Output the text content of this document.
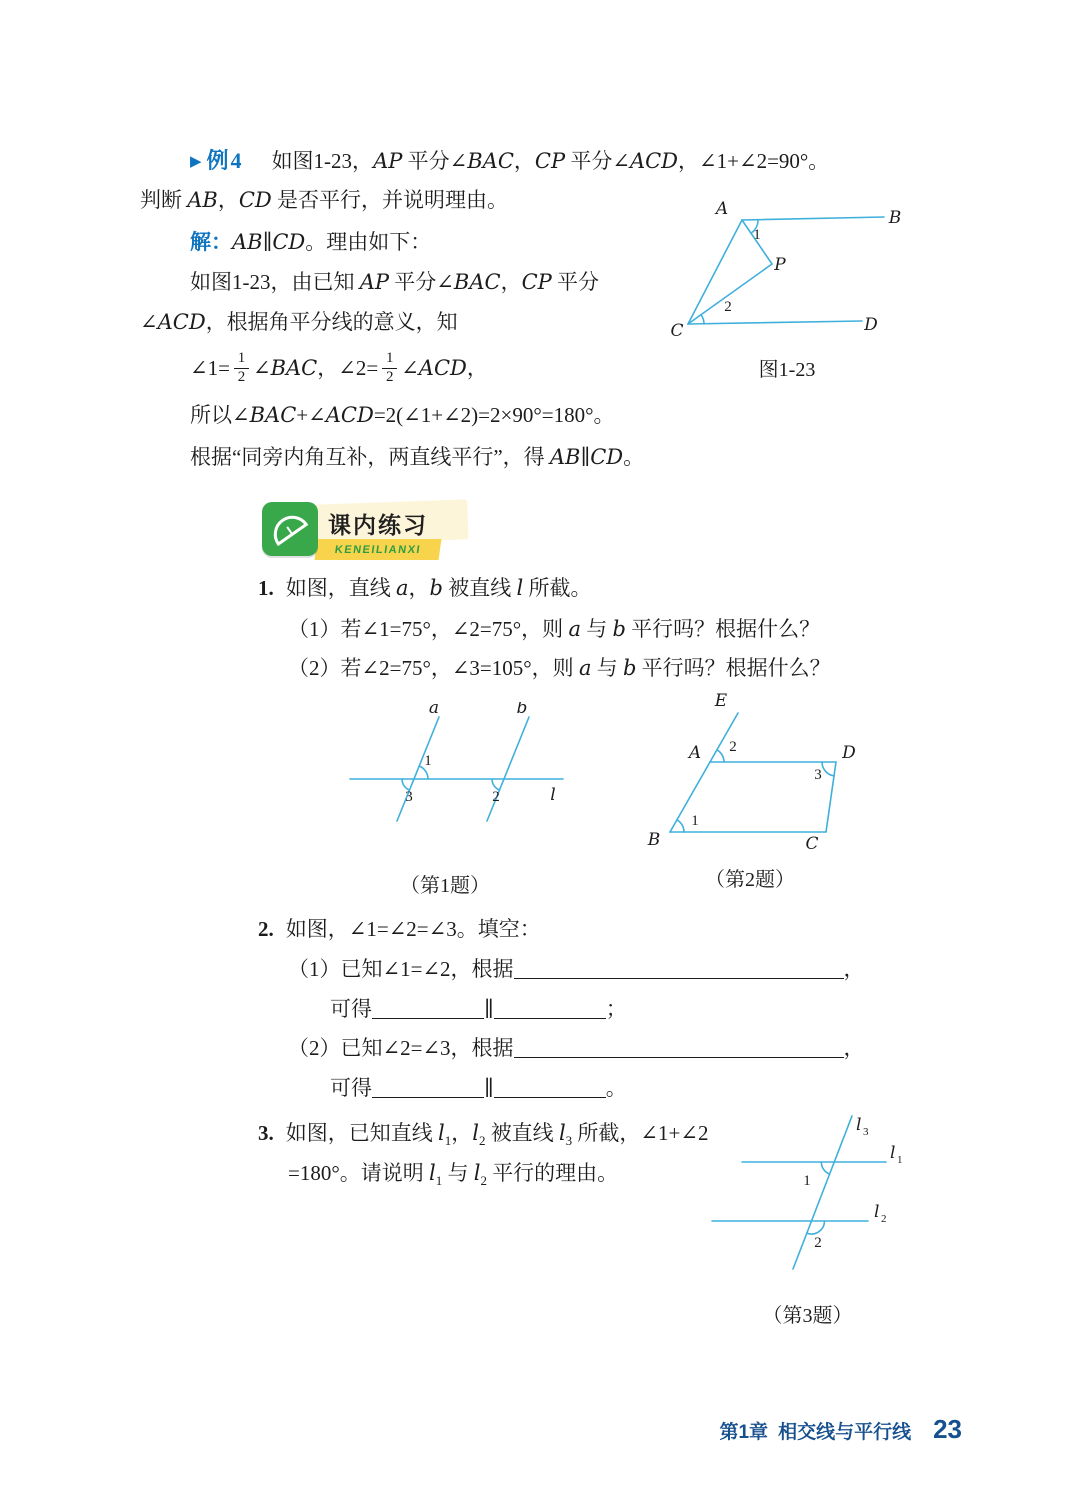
▶ 例4 如图1-23，AP 平分∠BAC，CP 平分∠ACD，∠1+∠2=90°。
判断 AB，CD 是否平行，并说明理由。
解：AB∥CD。理由如下：
如图1-23，由已知 AP 平分∠BAC，CP 平分
∠ACD，根据角平分线的意义，知
∠1= $\frac{1}{2}$ ∠BAC，∠2= $\frac{1}{2}$ ∠ACD，
所以∠BAC+∠ACD=2(∠1+∠2)=2×90°=180°。
根据“同旁内角互补，两直线平行”，得 AB∥CD。
A	B
P
C	D
1
2
图1-23
KENEILIANXI
课内练习
1. 如图，直线 a，b 被直线 l 所截。
（1）若∠1=75°，∠2=75°，则 a 与 b 平行吗？根据什么？
（2）若∠2=75°，∠3=105°，则 a 与 b 平行吗？根据什么？
a	b
l
1
3	2
（第1题）
E
A	D
B	C
2
3
1
（第2题）
2. 如图，∠1=∠2=∠3。填空：
（1）已知∠1=∠2，根据	，
可得	∥	；
（2）已知∠2=∠3，根据	，
可得	∥	。
3. 如图，已知直线 $l_1$，$l_2$ 被直线 $l_3$ 所截，∠1+∠2
=180°。请说明 $l_1$ 与 $l_2$ 平行的理由。
l 3
l 1
l 2
1
2
（第3题）
第1章 相交线与平行线 23
